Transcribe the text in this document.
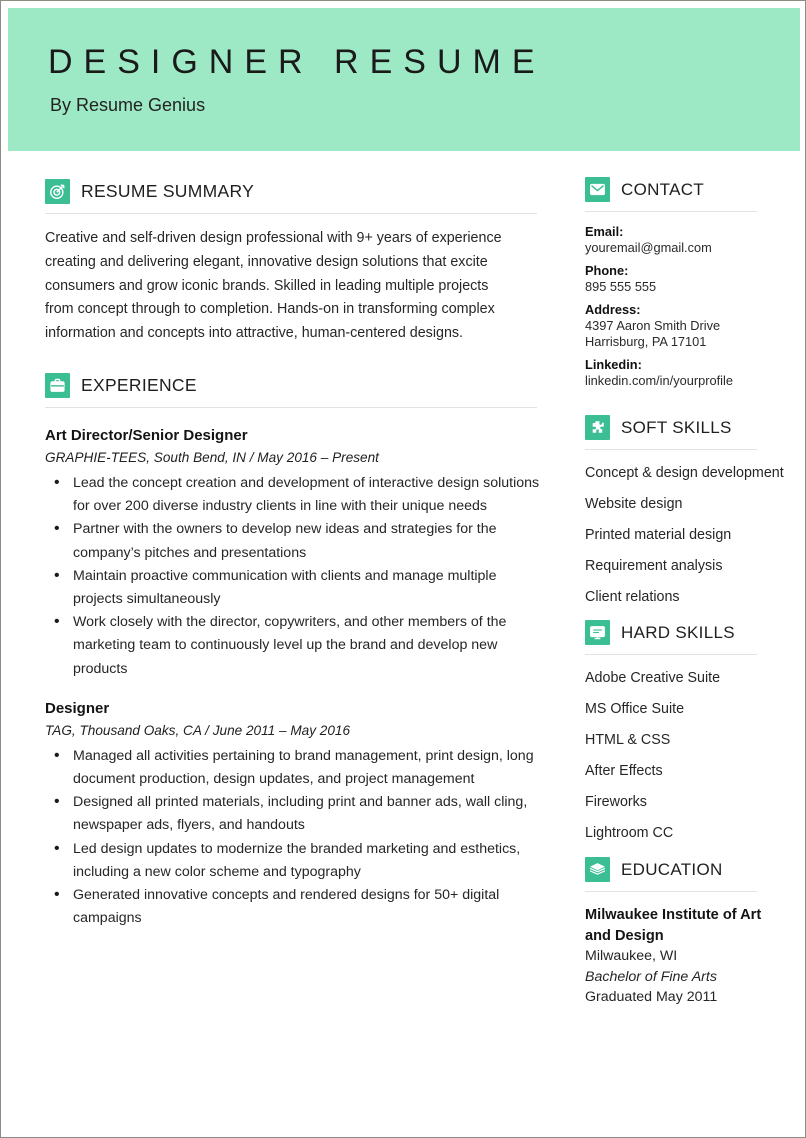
DESIGNER RESUME
By Resume Genius
RESUME SUMMARY
Creative and self-driven design professional with 9+ years of experience creating and delivering elegant, innovative design solutions that excite consumers and grow iconic brands. Skilled in leading multiple projects from concept through to completion. Hands-on in transforming complex information and concepts into attractive, human-centered designs.
EXPERIENCE
Art Director/Senior Designer
GRAPHIE-TEES, South Bend, IN / May 2016 – Present
• Lead the concept creation and development of interactive design solutions for over 200 diverse industry clients in line with their unique needs
• Partner with the owners to develop new ideas and strategies for the company’s pitches and presentations
• Maintain proactive communication with clients and manage multiple projects simultaneously
• Work closely with the director, copywriters, and other members of the marketing team to continuously level up the brand and develop new products
Designer
TAG, Thousand Oaks, CA / June 2011 – May 2016
• Managed all activities pertaining to brand management, print design, long document production, design updates, and project management
• Designed all printed materials, including print and banner ads, wall cling, newspaper ads, flyers, and handouts
• Led design updates to modernize the branded marketing and esthetics, including a new color scheme and typography
• Generated innovative concepts and rendered designs for 50+ digital campaigns
CONTACT
Email:
youremail@gmail.com
Phone:
895 555 555
Address:
4397 Aaron Smith Drive
Harrisburg, PA 17101
Linkedin:
linkedin.com/in/yourprofile
SOFT SKILLS
Concept & design development
Website design
Printed material design
Requirement analysis
Client relations
HARD SKILLS
Adobe Creative Suite
MS Office Suite
HTML & CSS
After Effects
Fireworks
Lightroom CC
EDUCATION
Milwaukee Institute of Art and Design
Milwaukee, WI
Bachelor of Fine Arts
Graduated May 2011
